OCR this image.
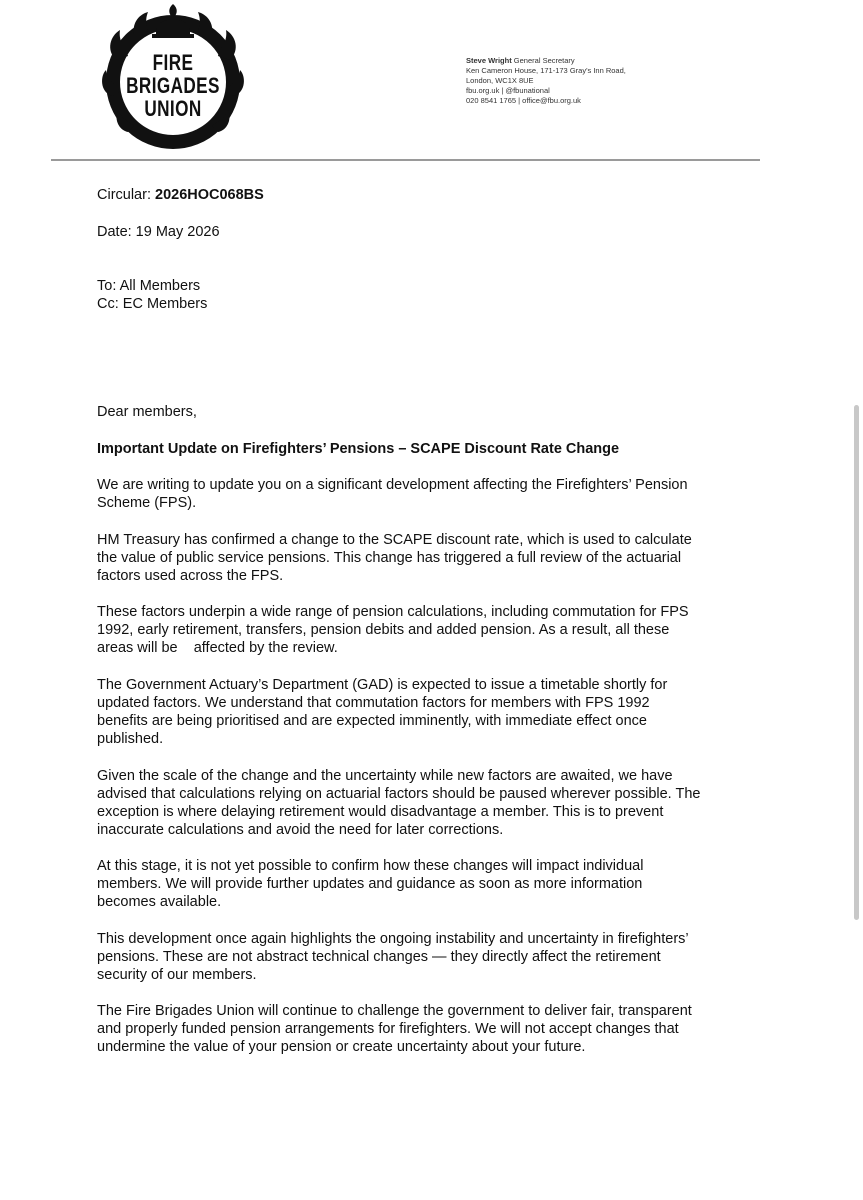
FIRE
BRIGADES
UNION
Steve Wright General Secretary
Ken Cameron House, 171-173 Gray's Inn Road,
London, WC1X 8UE
fbu.org.uk | @fbunational
020 8541 1765 | office@fbu.org.uk
Circular: 2026HOC068BS
Date: 19 May 2026
To: All Members
Cc: EC Members
Dear members,
Important Update on Firefighters’ Pensions – SCAPE Discount Rate Change
We are writing to update you on a significant development affecting the Firefighters’ Pension
Scheme (FPS).
HM Treasury has confirmed a change to the SCAPE discount rate, which is used to calculate
the value of public service pensions. This change has triggered a full review of the actuarial
factors used across the FPS.
These factors underpin a wide range of pension calculations, including commutation for FPS
1992, early retirement, transfers, pension debits and added pension. As a result, all these
areas will be    affected by the review.
The Government Actuary’s Department (GAD) is expected to issue a timetable shortly for
updated factors. We understand that commutation factors for members with FPS 1992
benefits are being prioritised and are expected imminently, with immediate effect once
published.
Given the scale of the change and the uncertainty while new factors are awaited, we have
advised that calculations relying on actuarial factors should be paused wherever possible. The
exception is where delaying retirement would disadvantage a member. This is to prevent
inaccurate calculations and avoid the need for later corrections.
At this stage, it is not yet possible to confirm how these changes will impact individual
members. We will provide further updates and guidance as soon as more information
becomes available.
This development once again highlights the ongoing instability and uncertainty in firefighters’
pensions. These are not abstract technical changes — they directly affect the retirement
security of our members.
The Fire Brigades Union will continue to challenge the government to deliver fair, transparent
and properly funded pension arrangements for firefighters. We will not accept changes that
undermine the value of your pension or create uncertainty about your future.
